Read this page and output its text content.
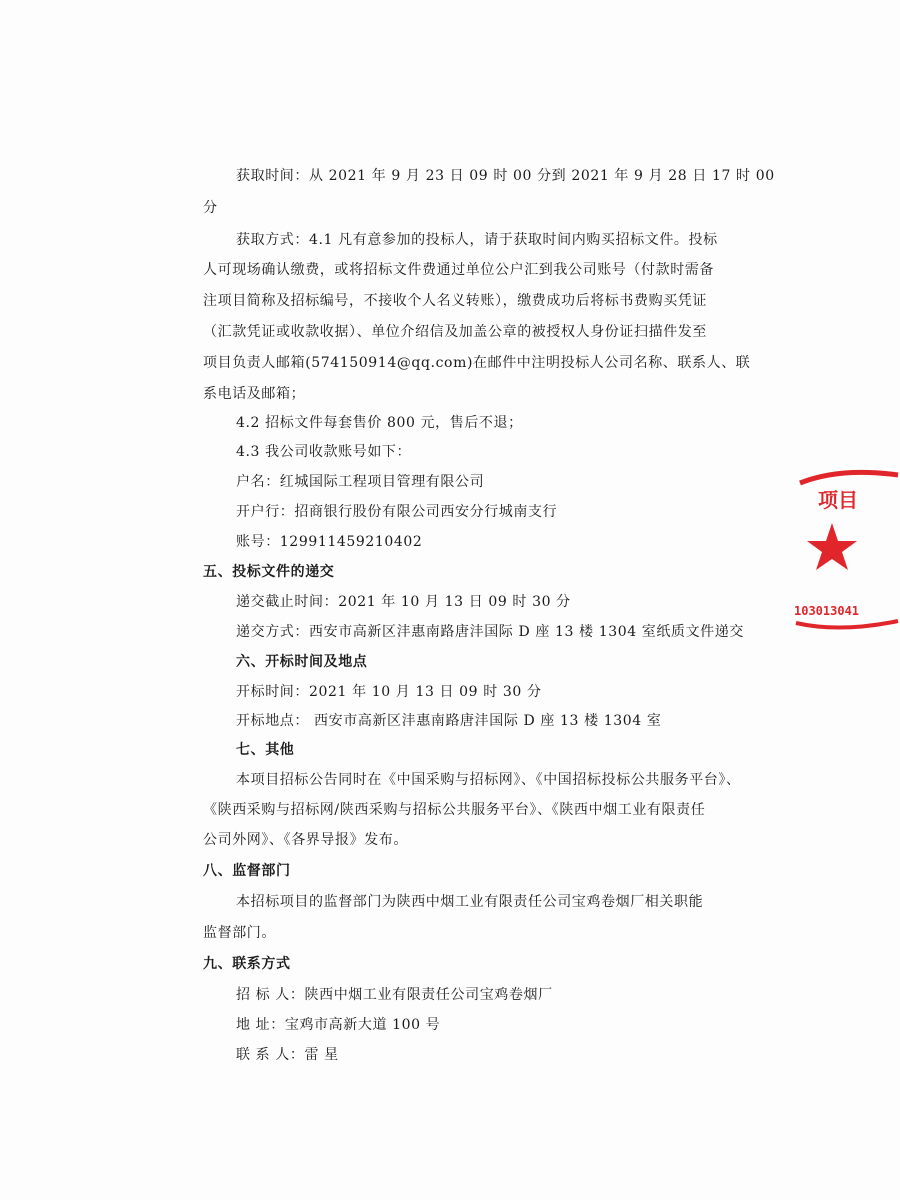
获取时间：从 2021 年 9 月 23 日 09 时 00 分到 2021 年 9 月 28 日 17 时 00
分
获取方式：4.1 凡有意参加的投标人，请于获取时间内购买招标文件。投标
人可现场确认缴费，或将招标文件费通过单位公户汇到我公司账号（付款时需备
注项目简称及招标编号，不接收个人名义转账），缴费成功后将标书费购买凭证
（汇款凭证或收款收据）、单位介绍信及加盖公章的被授权人身份证扫描件发至
项目负责人邮箱(574150914@qq.com)在邮件中注明投标人公司名称、联系人、联
系电话及邮箱；
4.2 招标文件每套售价 800 元，售后不退；
4.3 我公司收款账号如下：
户名：红城国际工程项目管理有限公司
开户行：招商银行股份有限公司西安分行城南支行
账号：129911459210402
五、投标文件的递交
递交截止时间：2021 年 10 月 13 日 09 时 30 分
递交方式：西安市高新区沣惠南路唐沣国际 D 座 13 楼 1304 室纸质文件递交
六、开标时间及地点
开标时间：2021 年 10 月 13 日 09 时 30 分
开标地点： 西安市高新区沣惠南路唐沣国际 D 座 13 楼 1304 室
七、其他
本项目招标公告同时在《中国采购与招标网》、《中国招标投标公共服务平台》、
《陕西采购与招标网/陕西采购与招标公共服务平台》、《陕西中烟工业有限责任
公司外网》、《各界导报》发布。
八、监督部门
本招标项目的监督部门为陕西中烟工业有限责任公司宝鸡卷烟厂相关职能
监督部门。
九、联系方式
招 标 人：陕西中烟工业有限责任公司宝鸡卷烟厂
地 址：宝鸡市高新大道 100 号
联 系 人：雷 星
项目
103013041
